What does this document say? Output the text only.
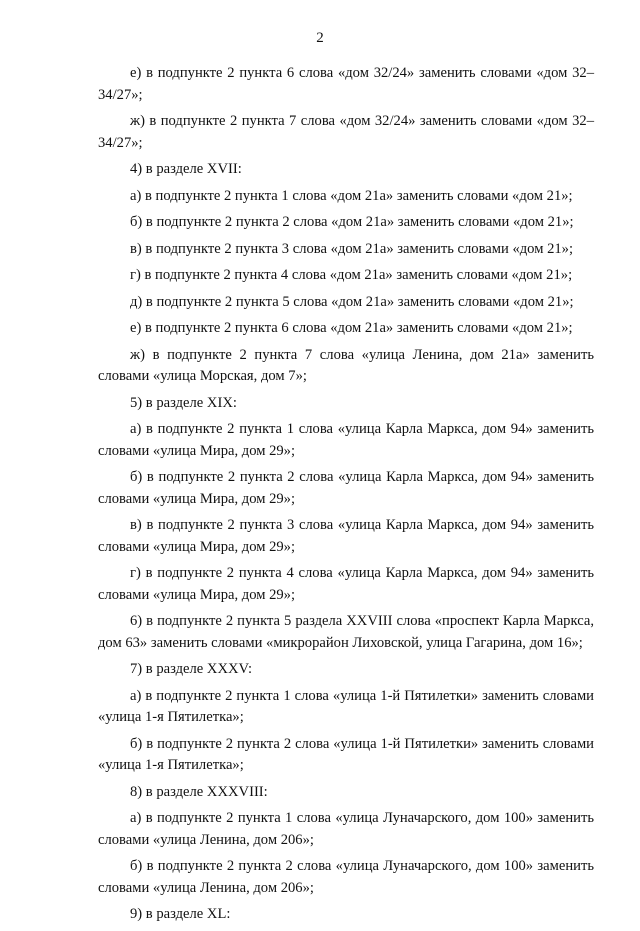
2

е) в подпункте 2 пункта 6 слова «дом 32/24» заменить словами «дом 32–34/27»;

ж) в подпункте 2 пункта 7 слова «дом 32/24» заменить словами «дом 32–34/27»;

4) в разделе XVII:

а) в подпункте 2 пункта 1 слова «дом 21а» заменить словами «дом 21»;

б) в подпункте 2 пункта 2 слова «дом 21а» заменить словами «дом 21»;

в) в подпункте 2 пункта 3 слова «дом 21а» заменить словами «дом 21»;

г) в подпункте 2 пункта 4 слова «дом 21а» заменить словами «дом 21»;

д) в подпункте 2 пункта 5 слова «дом 21а» заменить словами «дом 21»;

е) в подпункте 2 пункта 6 слова «дом 21а» заменить словами «дом 21»;

ж) в подпункте 2 пункта 7 слова «улица Ленина, дом 21а» заменить словами «улица Морская, дом 7»;

5) в разделе XIX:

а) в подпункте 2 пункта 1 слова «улица Карла Маркса, дом 94» заменить словами «улица Мира, дом 29»;

б) в подпункте 2 пункта 2 слова «улица Карла Маркса, дом 94» заменить словами «улица Мира, дом 29»;

в) в подпункте 2 пункта 3 слова «улица Карла Маркса, дом 94» заменить словами «улица Мира, дом 29»;

г) в подпункте 2 пункта 4 слова «улица Карла Маркса, дом 94» заменить словами «улица Мира, дом 29»;

6) в подпункте 2 пункта 5 раздела XXVIII слова «проспект Карла Маркса, дом 63» заменить словами «микрорайон Лиховской, улица Гагарина, дом 16»;

7) в разделе XXXV:

а) в подпункте 2 пункта 1 слова «улица 1-й Пятилетки» заменить словами «улица 1-я Пятилетка»;

б) в подпункте 2 пункта 2 слова «улица 1-й Пятилетки» заменить словами «улица 1-я Пятилетка»;

8) в разделе XXXVIII:

а) в подпункте 2 пункта 1 слова «улица Луначарского, дом 100» заменить словами «улица Ленина, дом 206»;

б) в подпункте 2 пункта 2 слова «улица Луначарского, дом 100» заменить словами «улица Ленина, дом 206»;

9) в разделе XL:
